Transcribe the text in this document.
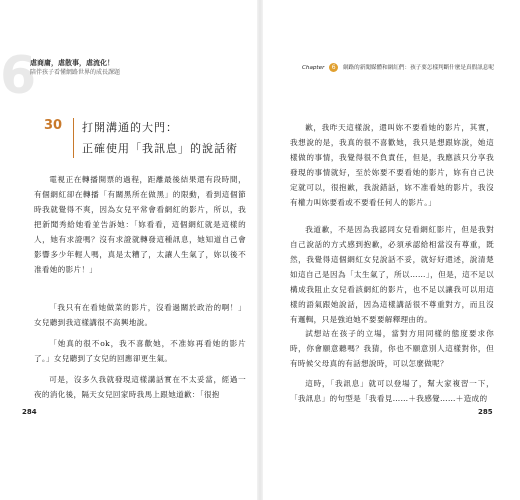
6
虐商庸，虐散事，虐流化！
陪伴孩子看懂網路世界的成長課題
30 打開溝通的大門：
正確使用「我訊息」的說話術

電視正在轉播開票的過程，距離最後結果還有段時間，有個網紅卻在轉播「有關黑所在做黑」的限動，看到這個節時我就覺得不爽，因為女兒平常會看網紅的影片，所以，我把新聞秀給她看並告訴她：「妳看看，這個網紅就是這樣的人，她有求證嗎？沒有求證就轉發這種訊息，她知道自己會影響多少年輕人嗎，真是太糟了，太讓人生氣了，妳以後不准看她的影片！」

「我只有在看她做菜的影片，沒看過關於政治的啊！」女兒聽到我這樣講很不高興地說。

「她真的很不ok，我不喜歡她，不准妳再看她的影片了。」女兒聽到了女兒的回應卻更生氣。

可是，沒多久我就發現這樣講話實在不太妥當，經過一夜的消化後，隔天女兒回家時我馬上跟她道歉：「很抱

284
Chapter 6 網路的新聞媒體和網紅們：孩子要怎樣判斷什麼是真假訊息呢

歉，我昨天這樣說，還叫妳不要看她的影片，其實，我想說的是，我真的很不喜歡她，我只是想跟妳說，她這樣做的事情，我覺得很不負責任，但是，我應該只分享我發現的事情就好，至於妳要不要看她的影片，妳有自己決定就可以，很抱歉，我說錯話，妳不准看她的影片，我沒有權力叫妳要看或不要看任何人的影片。」

我道歉，不是因為我認同女兒看網紅影片，但是我對自己說話的方式感到抱歉，必須承認給相當沒有尊重，既然，我覺得這個網紅女兒說話不妥，就好好還述，說清楚如這自己是因為「太生氣了，所以……」，但是，這不足以構成我阻止女兒看該網紅的影片，也不足以讓我可以用這樣的語氣跟她說話，因為這樣講話很不尊重對方，而且沒有邏輯，只是強迫她不要要解釋理由的。

試想站在孩子的立場，當對方用同樣的態度要求你時，你會願意聽嗎？我猜，你也不願意別人這樣對你，但有時候父母真的有話想說時，可以怎麼做呢？

這時，「我訊息」就可以登場了，幫大家複習一下，「我訊息」的句型是「我看見……＋我感覺……＋造成的

285
